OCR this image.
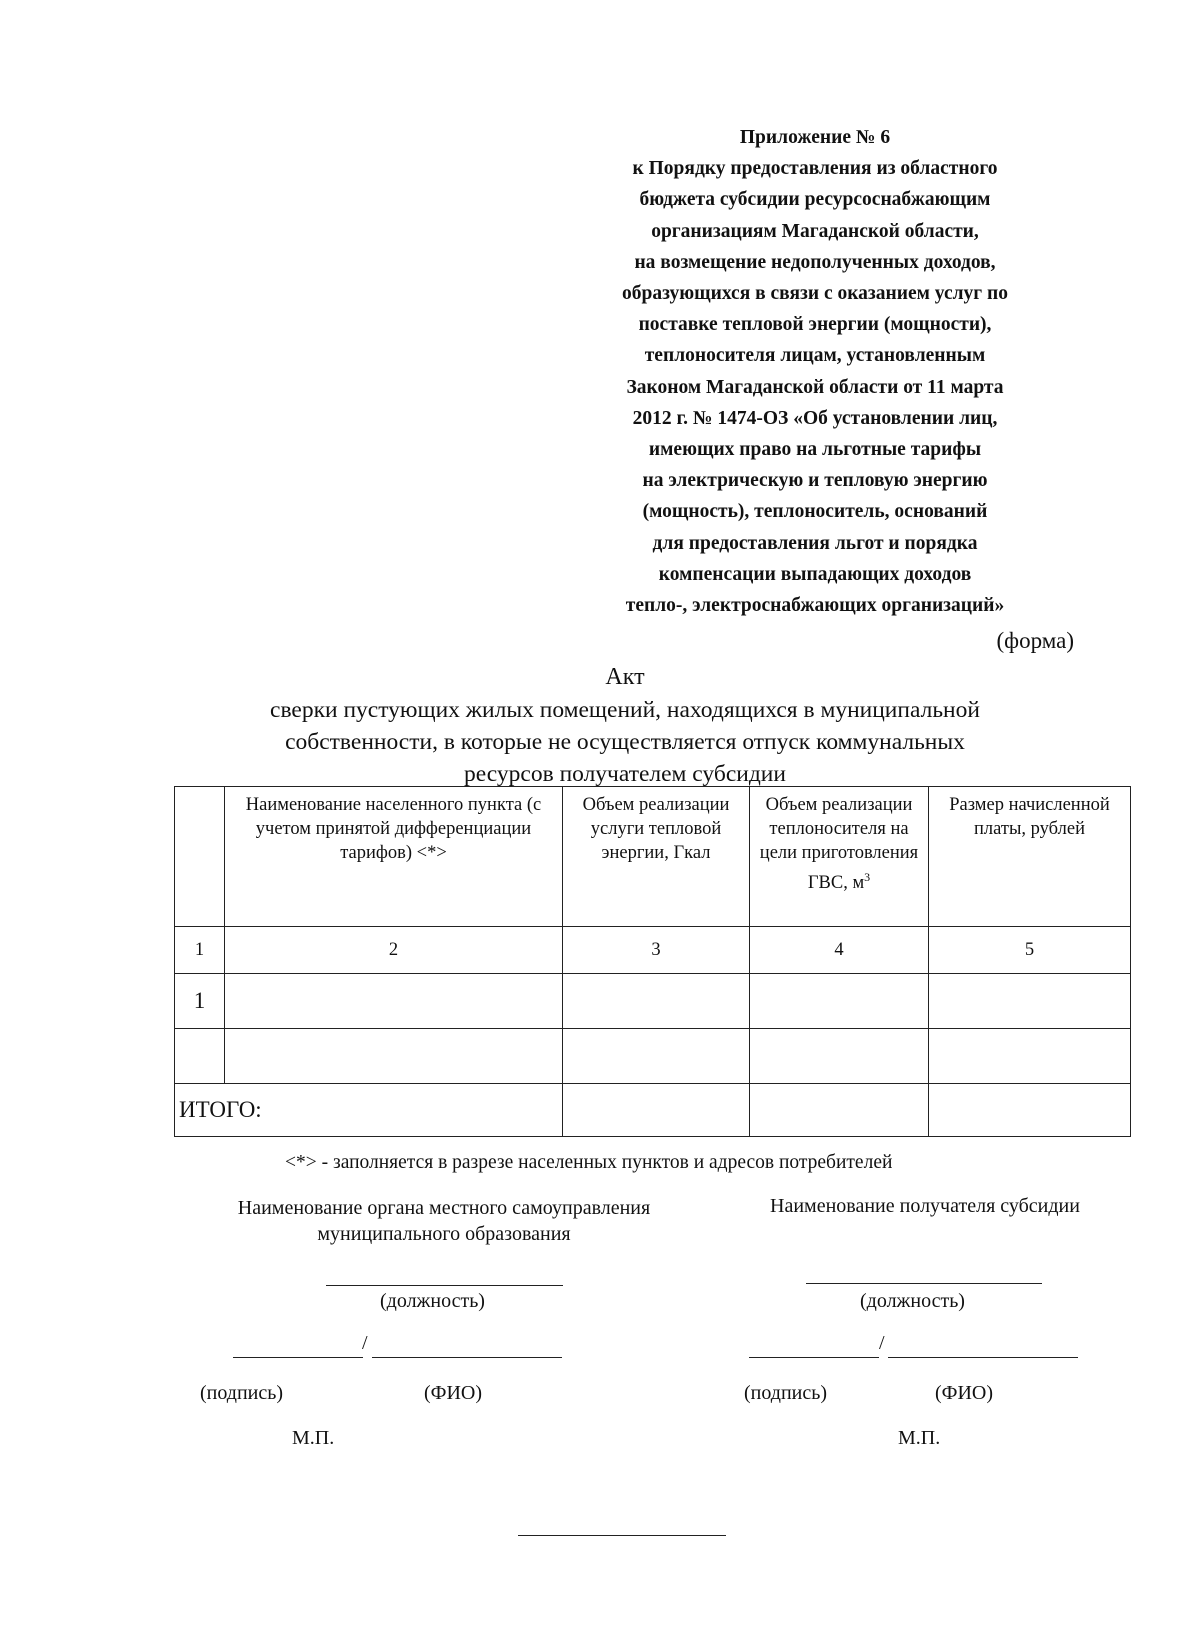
Приложение № 6
к Порядку предоставления из областного
бюджета субсидии ресурсоснабжающим
организациям Магаданской области,
на возмещение недополученных доходов,
образующихся в связи с оказанием услуг по
поставке тепловой энергии (мощности),
теплоносителя лицам, установленным
Законом Магаданской области от 11 марта
2012 г. № 1474-ОЗ «Об установлении лиц,
имеющих право на льготные тарифы
на электрическую и тепловую энергию
(мощность), теплоноситель, оснований
для предоставления льгот и порядка
компенсации выпадающих доходов
тепло-, электроснабжающих организаций»
(форма)
Акт
сверки пустующих жилых помещений, находящихся в муниципальной
собственности, в которые не осуществляется отпуск коммунальных
ресурсов получателем субсидии
	Наименование населенного пункта (с учетом принятой дифференциации тарифов) <*>	Объем реализации услуги тепловой энергии, Гкал	Объем реализации теплоносителя на цели приготовления ГВС, $м^3$	Размер начисленной платы, рублей
1	2	3	4	5
1				

ИТОГО:				
<*> - заполняется в разрезе населенных пунктов и адресов потребителей
Наименование органа местного самоуправления
муниципального образования
(должность)
/
(подпись)	(ФИО)
М.П.
Наименование получателя субсидии
(должность)
/
(подпись)	(ФИО)
М.П.
